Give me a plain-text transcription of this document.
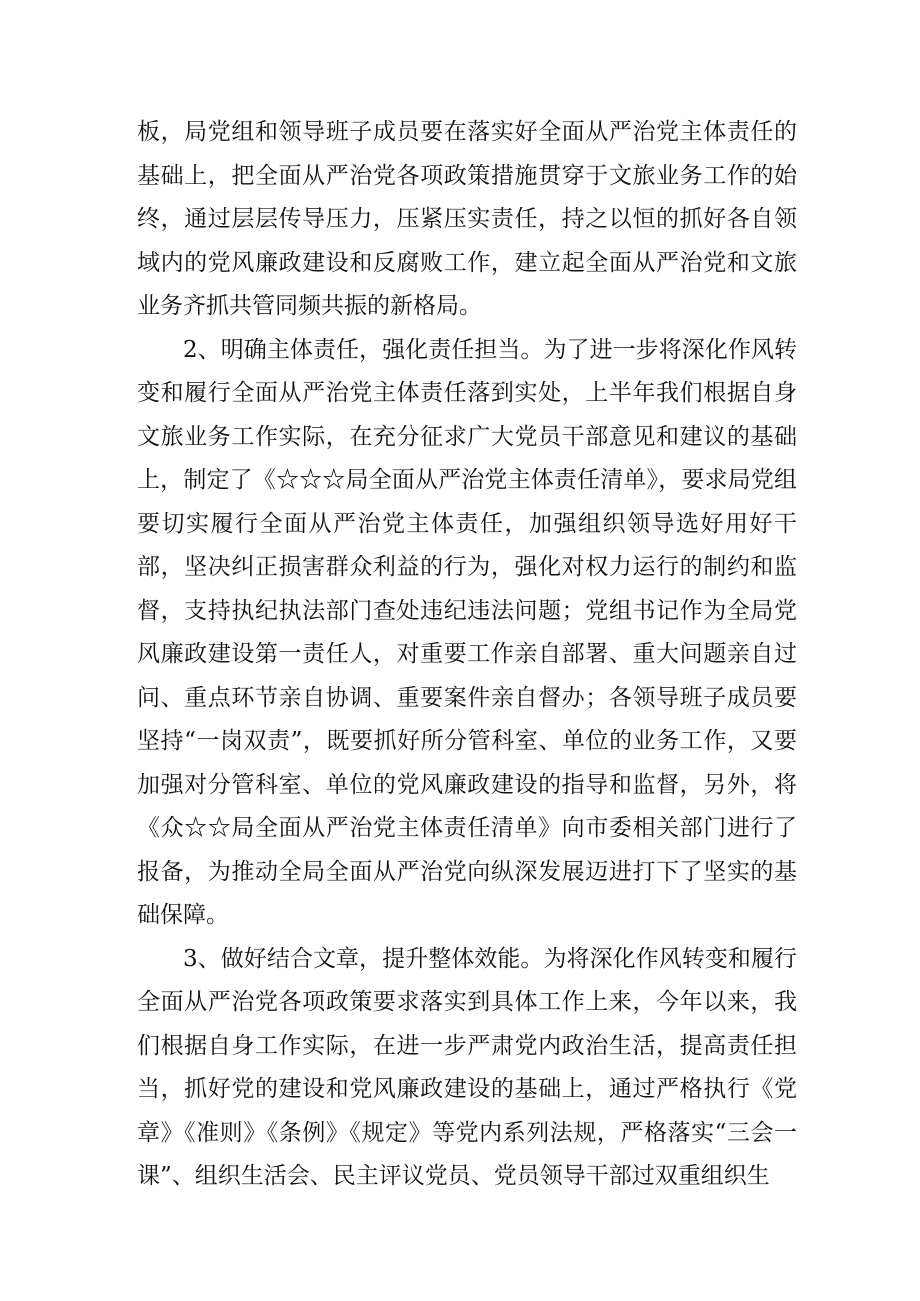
板，局党组和领导班子成员要在落实好全面从严治党主体责任的基础上，把全面从严治党各项政策措施贯穿于文旅业务工作的始终，通过层层传导压力，压紧压实责任，持之以恒的抓好各自领域内的党风廉政建设和反腐败工作，建立起全面从严治党和文旅业务齐抓共管同频共振的新格局。

2、明确主体责任，强化责任担当。为了进一步将深化作风转变和履行全面从严治党主体责任落到实处，上半年我们根据自身文旅业务工作实际，在充分征求广大党员干部意见和建议的基础上，制定了《☆☆☆局全面从严治党主体责任清单》，要求局党组要切实履行全面从严治党主体责任，加强组织领导选好用好干部，坚决纠正损害群众利益的行为，强化对权力运行的制约和监督，支持执纪执法部门查处违纪违法问题；党组书记作为全局党风廉政建设第一责任人，对重要工作亲自部署、重大问题亲自过问、重点环节亲自协调、重要案件亲自督办；各领导班子成员要坚持“一岗双责”，既要抓好所分管科室、单位的业务工作，又要加强对分管科室、单位的党风廉政建设的指导和监督，另外，将《众☆☆局全面从严治党主体责任清单》向市委相关部门进行了报备，为推动全局全面从严治党向纵深发展迈进打下了坚实的基础保障。

3、做好结合文章，提升整体效能。为将深化作风转变和履行全面从严治党各项政策要求落实到具体工作上来，今年以来，我们根据自身工作实际，在进一步严肃党内政治生活，提高责任担当，抓好党的建设和党风廉政建设的基础上，通过严格执行《党章》《准则》《条例》《规定》等党内系列法规，严格落实“三会一课”、组织生活会、民主评议党员、党员领导干部过双重组织生
